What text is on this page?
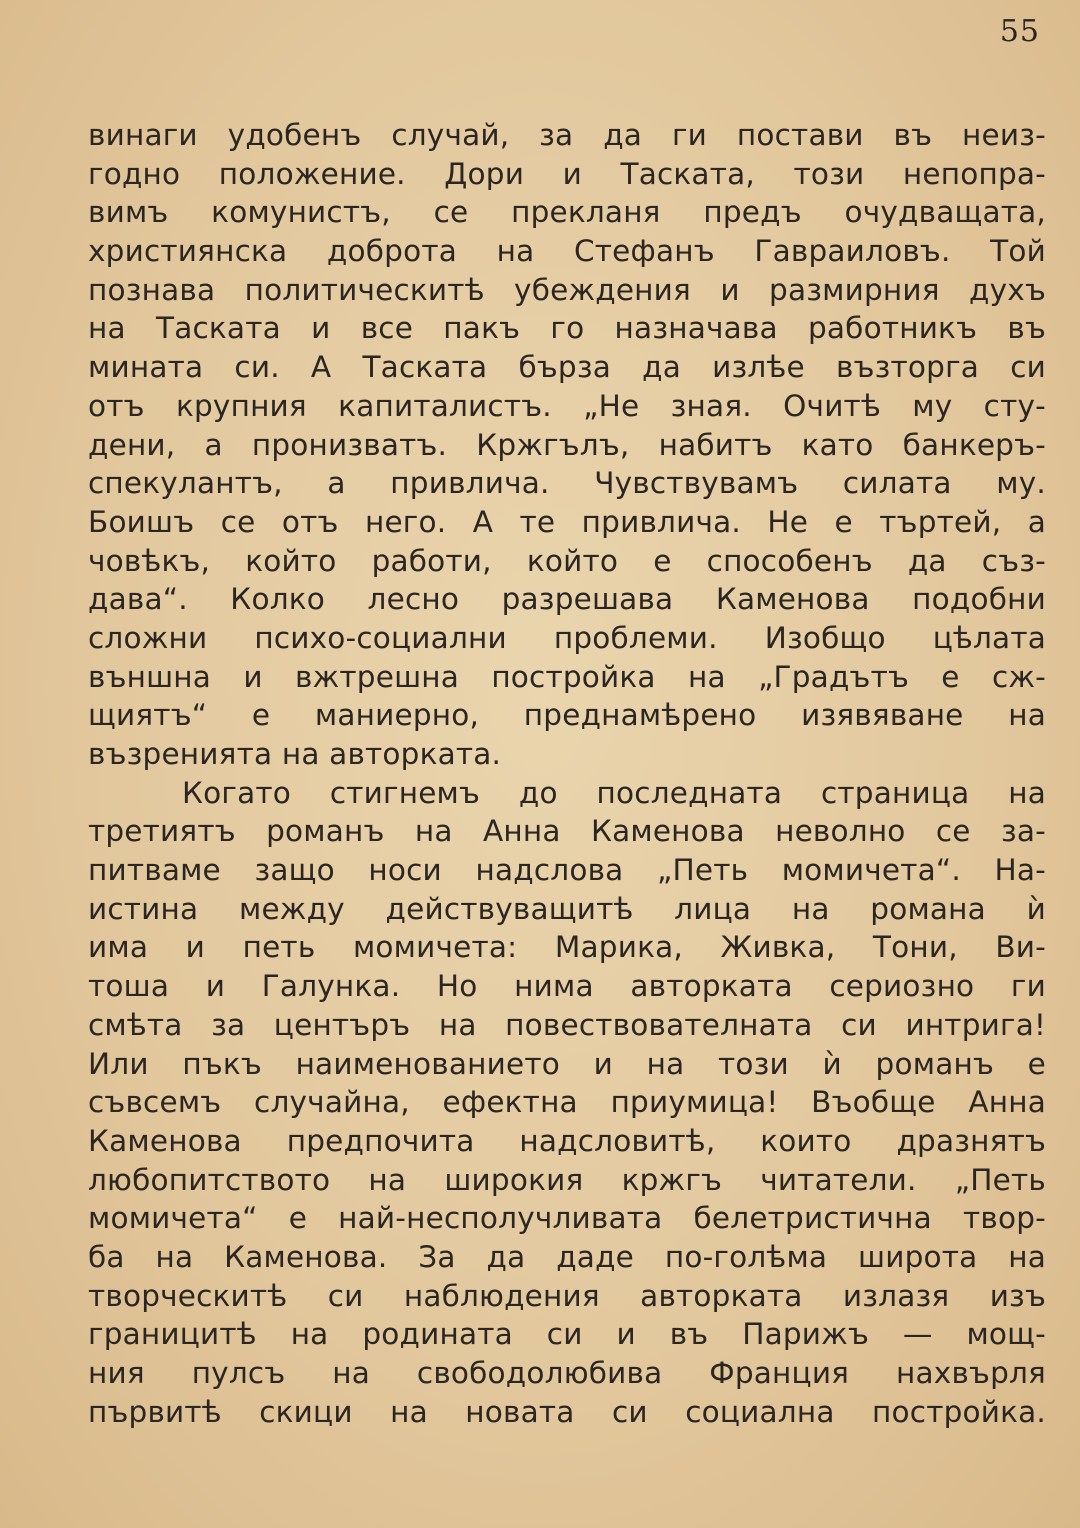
55
винаги удобенъ случай, за да ги постави въ неиз-
годно положение. Дори и Таската, този непопра-
вимъ комунистъ, се прекланя предъ очудващата,
християнска доброта на Стефанъ Гавраиловъ. Той
познава политическитѣ убеждения и размирния духъ
на Таската и все пакъ го назначава работникъ въ
мината си. А Таската бърза да излѣе възторга си
отъ крупния капиталистъ. „Не зная. Очитѣ му сту-
дени, а пронизватъ. Кржгълъ, набитъ като банкеръ-
спекулантъ, а привлича. Чувствувамъ силата му.
Боишъ се отъ него. А те привлича. Не е търтей, а
човѣкъ, който работи, който е способенъ да съз-
дава“. Колко лесно разрешава Каменова подобни
сложни психо-социални проблеми. Изобщо цѣлата
външна и вжтрешна постройка на „Градътъ е сж-
щиятъ“ е маниерно, преднамѣрено изявяване на
възренията на авторката.
Когато стигнемъ до последната страница на
третиятъ романъ на Анна Каменова неволно се за-
питваме защо носи надслова „Петь момичета“. На-
истина между действуващитѣ лица на романа ѝ
има и петь момичета: Марика, Живка, Тони, Ви-
тоша и Галунка. Но нима авторката сериозно ги
смѣта за центъръ на повествователната си интрига!
Или пъкъ наименованието и на този ѝ романъ е
съвсемъ случайна, ефектна приумица! Въобще Анна
Каменова предпочита надсловитѣ, които дразнятъ
любопитството на широкия кржгъ читатели. „Петь
момичета“ е най-несполучливата белетристична твор-
ба на Каменова. За да даде по-голѣма широта на
творческитѣ си наблюдения авторката излазя изъ
границитѣ на родината си и въ Парижъ — мощ-
ния пулсъ на свободолюбива Франция нахвърля
първитѣ скици на новата си социална постройка.
